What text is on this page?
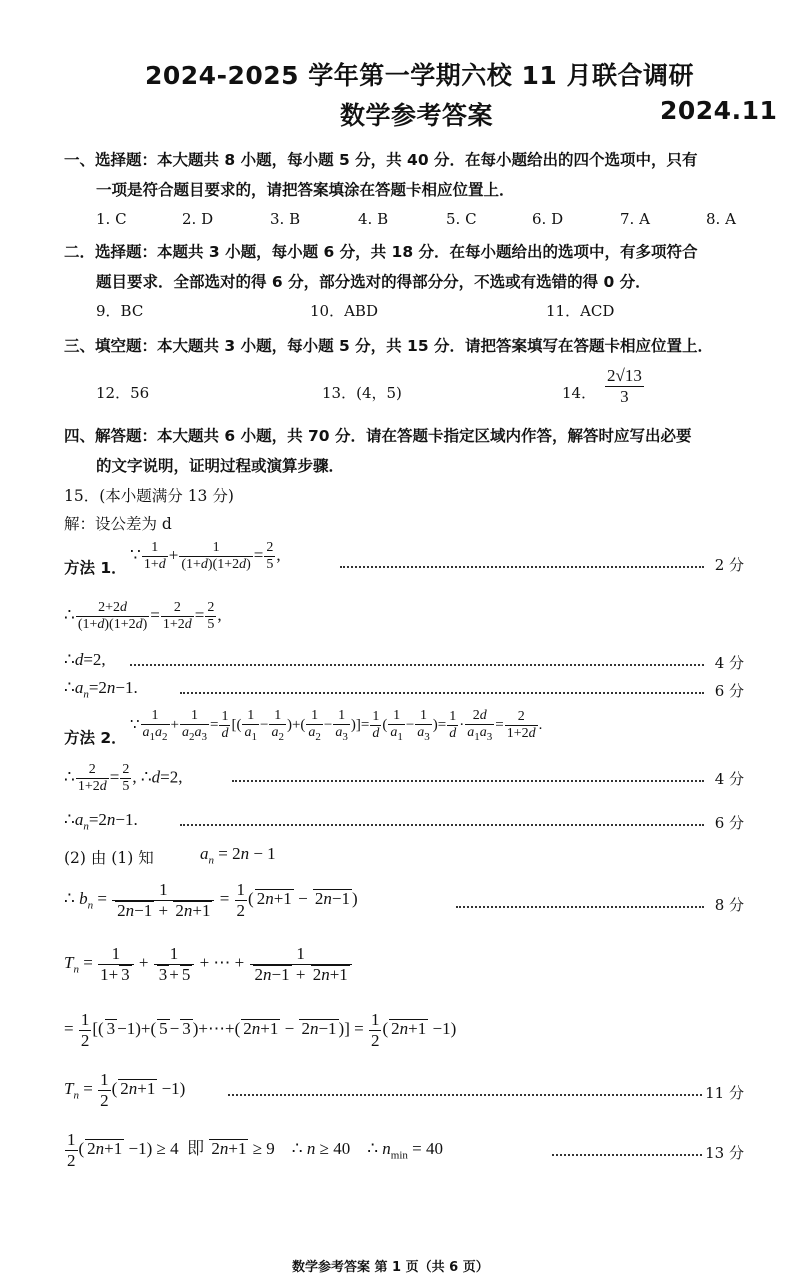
2024-2025 学年第一学期六校 11 月联合调研
数学参考答案	2024.11
一、选择题：本大题共 8 小题，每小题 5 分，共 40 分．在每小题给出的四个选项中，只有
一项是符合题目要求的，请把答案填涂在答题卡相应位置上．
1. C	2. D	3. B	4. B	5. C	6. D	7. A	8. A
二．选择题：本题共 3 小题，每小题 6 分，共 18 分．在每小题给出的选项中，有多项符合
题目要求．全部选对的得 6 分，部分选对的得部分分，不选或有选错的得 0 分．
9．BC	10．ABD	11．ACD
三、填空题：本大题共 3 小题，每小题 5 分，共 15 分．请把答案填写在答题卡相应位置上．
12．56	13．(4，5)	14． $\frac{2√13}{3}$
四、解答题：本大题共 6 小题，共 70 分．请在答题卡指定区域内作答，解答时应写出必要
的文字说明，证明过程或演算步骤．
15．(本小题满分 13 分)
解：设公差为 d
方法 1．
∵ $\frac{1}{1+d} + \frac{1}{(1+d)(1+2d)} = \frac{2}{5}$ ,
2 分
∴ $\frac{2+2d}{(1+d)(1+2d)} = \frac{2}{1+2d} = \frac{2}{5}$ ,
∴d=2,	4 分
$\therefore a_n=2n-1$.	6 分
方法 2．
∵ $\frac{1}{a_1a_2} + \frac{1}{a_2a_3} = \frac{1}{d}$ [( $\frac{1}{a_1} - \frac{1}{a_2}$ )+( $\frac{1}{a_2} - \frac{1}{a_3}$ )]= $\frac{1}{d}$ ( $\frac{1}{a_1} - \frac{1}{a_3}$ )= $\frac{1}{d} \cdot \frac{2d}{a_1a_3} = \frac{2}{1+2d}$ .
∴ $\frac{2}{1+2d} = \frac{2}{5}$ , ∴d=2,	4 分
$\therefore a_n=2n-1$.	6 分
(2) 由 (1) 知	$a_n = 2n - 1$
∴ $b_n = \frac{1}{2n-1 + 2n+1} = \frac{1}{2}$ ( 2n+1 − 2n−1 )	8 分
$T_n = \frac{1}{1+ 3} + \frac{1}{3 + 5}$ + ⋯ + $\frac{1}{2n-1 + 2n+1}$
= $\frac{1}{2}$ [( 3 −1)+( 5 − 3 )+⋯+( 2n+1 − 2n−1 )] = $\frac{1}{2}$ ( 2n+1 −1)
$T_n = \frac{1}{2}$ ( 2n+1 −1)	11 分
$\frac{1}{2}$ ( 2n+1 −1) ≥ 4  即 2n+1 ≥ 9    ∴ n ≥ 40    ∴ $n_{min} = 40$	13 分
数学参考答案 第 1 页（共 6 页）
